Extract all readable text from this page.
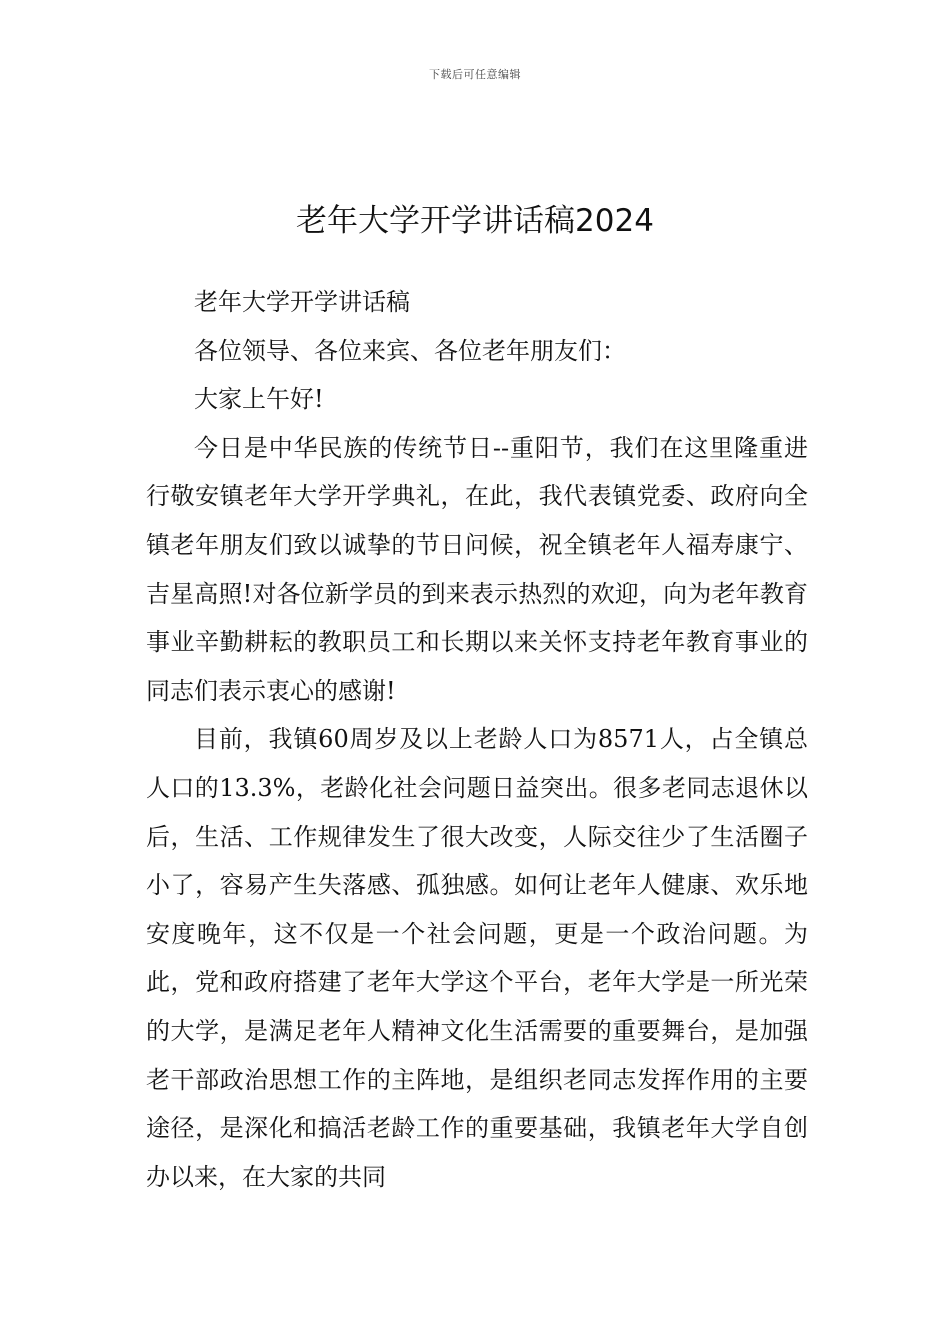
下载后可任意编辑
老年大学开学讲话稿2024

老年大学开学讲话稿

各位领导、各位来宾、各位老年朋友们：

大家上午好!

今日是中华民族的传统节日--重阳节，我们在这里隆重进行敬安镇老年大学开学典礼，在此，我代表镇党委、政府向全镇老年朋友们致以诚挚的节日问候，祝全镇老年人福寿康宁、吉星高照!对各位新学员的到来表示热烈的欢迎，向为老年教育事业辛勤耕耘的教职员工和长期以来关怀支持老年教育事业的同志们表示衷心的感谢!

目前，我镇60周岁及以上老龄人口为8571人，占全镇总人口的13.3%，老龄化社会问题日益突出。很多老同志退休以后，生活、工作规律发生了很大改变，人际交往少了生活圈子小了，容易产生失落感、孤独感。如何让老年人健康、欢乐地安度晚年，这不仅是一个社会问题，更是一个政治问题。为此，党和政府搭建了老年大学这个平台，老年大学是一所光荣的大学，是满足老年人精神文化生活需要的重要舞台，是加强老干部政治思想工作的主阵地，是组织老同志发挥作用的主要途径，是深化和搞活老龄工作的重要基础，我镇老年大学自创办以来，在大家的共同
